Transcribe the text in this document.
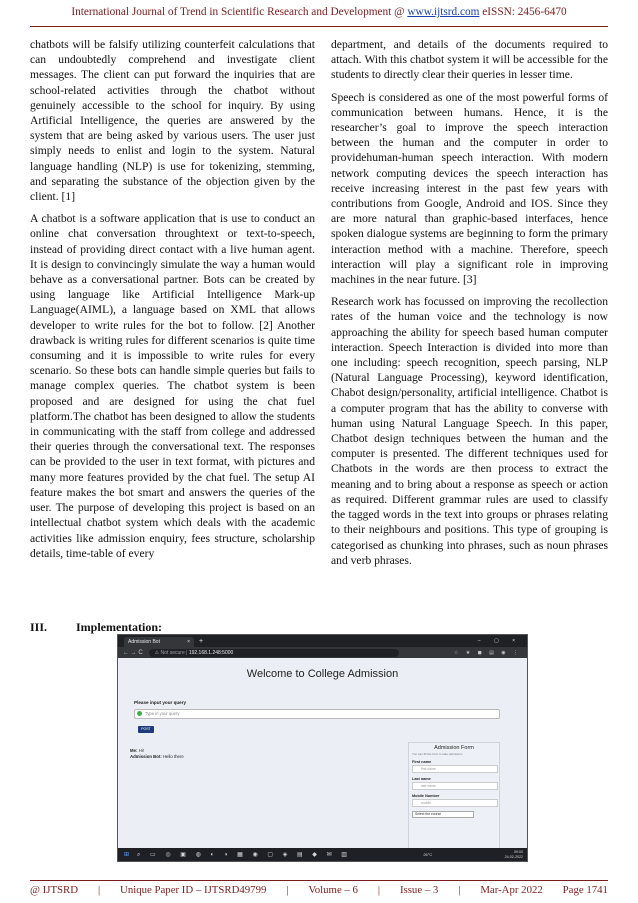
International Journal of Trend in Scientific Research and Development @ www.ijtsrd.com eISSN: 2456-6470

chatbots will be falsify utilizing counterfeit calculations that can undoubtedly comprehend and investigate client messages. The client can put forward the inquiries that are school-related activities through the chatbot without genuinely accessible to the school for inquiry. By using Artificial Intelligence, the queries are answered by the system that are being asked by various users. The user just simply needs to enlist and login to the system. Natural language handling (NLP) is use for tokenizing, stemming, and separating the substance of the objection given by the client. [1]

A chatbot is a software application that is use to conduct an online chat conversation throughtext or text-to-speech, instead of providing direct contact with a live human agent. It is design to convincingly simulate the way a human would behave as a conversational partner. Bots can be created by using language like Artificial Intelligence Mark-up Language(AIML), a language based on XML that allows developer to write rules for the bot to follow. [2] Another drawback is writing rules for different scenarios is quite time consuming and it is impossible to write rules for every scenario. So these bots can handle simple queries but fails to manage complex queries. The chatbot system is been proposed and are designed for using the chat fuel platform.The chatbot has been designed to allow the students in communicating with the staff from college and addressed their queries through the conversational text. The responses can be provided to the user in text format, with pictures and many more features provided by the chat fuel. The setup AI feature makes the bot smart and answers the queries of the user. The purpose of developing this project is based on an intellectual chatbot system which deals with the academic activities like admission enquiry, fees structure, scholarship details, time-table of every

department, and details of the documents required to attach. With this chatbot system it will be accessible for the students to directly clear their queries in lesser time.

Speech is considered as one of the most powerful forms of communication between humans. Hence, it is the researcher’s goal to improve the speech interaction between the human and the computer in order to providehuman-human speech interaction. With modern network computing devices the speech interaction has receive increasing interest in the past few years with contributions from Google, Android and IOS. Since they are more natural than graphic-based interfaces, hence spoken dialogue systems are beginning to form the primary interaction method with a machine. Therefore, speech interaction will play a significant role in improving machines in the near future. [3]

Research work has focussed on improving the recollection rates of the human voice and the technology is now approaching the ability for speech based human computer interaction. Speech Interaction is divided into more than one including: speech recognition, speech parsing, NLP (Natural Language Processing), keyword identification, Chabot design/personality, artificial intelligence. Chatbot is a computer program that has the ability to converse with human using Natural Language Speech. In this paper, Chatbot design techniques between the human and the computer is presented. The different techniques used for Chatbots in the words are then process to extract the meaning and to bring about a response as speech or action as required. Different grammar rules are used to classify the tagged words in the text into groups or phrases relating to their neighbours and positions. This type of grouping is categorised as chunking into phrases, such as noun phrases and verb phrases.

III. Implementation:
Admission Bot	× +	– ▢ ×
← → C	⚠ Not secure | 192.168.1.248:5000	☆ ★ ◼ ▤ ◉ ⋮
Welcome to College Admission
Please input your query
Type in your query
POST
Me: Hi!
Admission Bot: Hello there
Admission Form
You can fill the form to take admission
First name
first name
Last name
last name
Mobile Number
mobile
Select the course
⊞ ⌕ ▭ ◎ ▣ ◍ ◐ ◑ ▦ ◉ ▢ ◈ ▤ ◆ ✉ ▥	26°C	09:00
24-02-2022
@ IJTSRD | Unique Paper ID – IJTSRD49799 | Volume – 6 | Issue – 3 | Mar-Apr 2022 Page 1741
